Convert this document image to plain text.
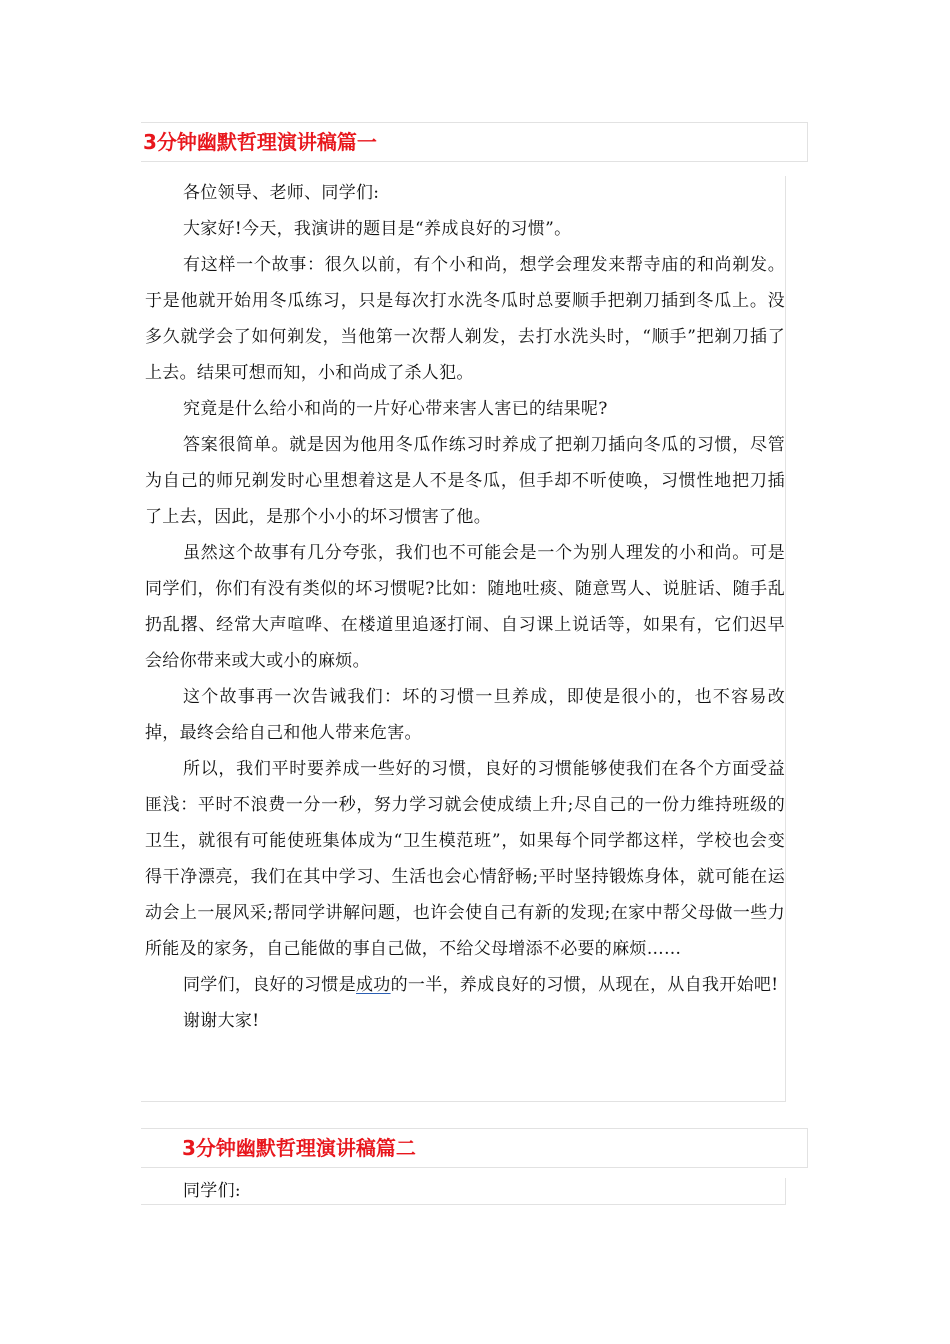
3分钟幽默哲理演讲稿篇一

各位领导、老师、同学们:

大家好!今天，我演讲的题目是“养成良好的习惯”。

有这样一个故事：很久以前，有个小和尚，想学会理发来帮寺庙的和尚剃发。于是他就开始用冬瓜练习，只是每次打水洗冬瓜时总要顺手把剃刀插到冬瓜上。没多久就学会了如何剃发，当他第一次帮人剃发，去打水洗头时，“顺手”把剃刀插了上去。结果可想而知，小和尚成了杀人犯。

究竟是什么给小和尚的一片好心带来害人害已的结果呢?

答案很简单。就是因为他用冬瓜作练习时养成了把剃刀插向冬瓜的习惯，尽管为自己的师兄剃发时心里想着这是人不是冬瓜，但手却不听使唤，习惯性地把刀插了上去，因此，是那个小小的坏习惯害了他。

虽然这个故事有几分夸张，我们也不可能会是一个为别人理发的小和尚。可是同学们，你们有没有类似的坏习惯呢?比如：随地吐痰、随意骂人、说脏话、随手乱扔乱撂、经常大声喧哗、在楼道里追逐打闹、自习课上说话等，如果有，它们迟早会给你带来或大或小的麻烦。

这个故事再一次告诫我们：坏的习惯一旦养成，即使是很小的，也不容易改掉，最终会给自己和他人带来危害。

所以，我们平时要养成一些好的习惯，良好的习惯能够使我们在各个方面受益匪浅：平时不浪费一分一秒，努力学习就会使成绩上升;尽自己的一份力维持班级的卫生，就很有可能使班集体成为“卫生模范班”，如果每个同学都这样，学校也会变得干净漂亮，我们在其中学习、生活也会心情舒畅;平时坚持锻炼身体，就可能在运动会上一展风采;帮同学讲解问题，也许会使自己有新的发现;在家中帮父母做一些力所能及的家务，自己能做的事自己做，不给父母增添不必要的麻烦……

同学们，良好的习惯是成功的一半，养成良好的习惯，从现在，从自我开始吧!

谢谢大家!

3分钟幽默哲理演讲稿篇二

同学们:
